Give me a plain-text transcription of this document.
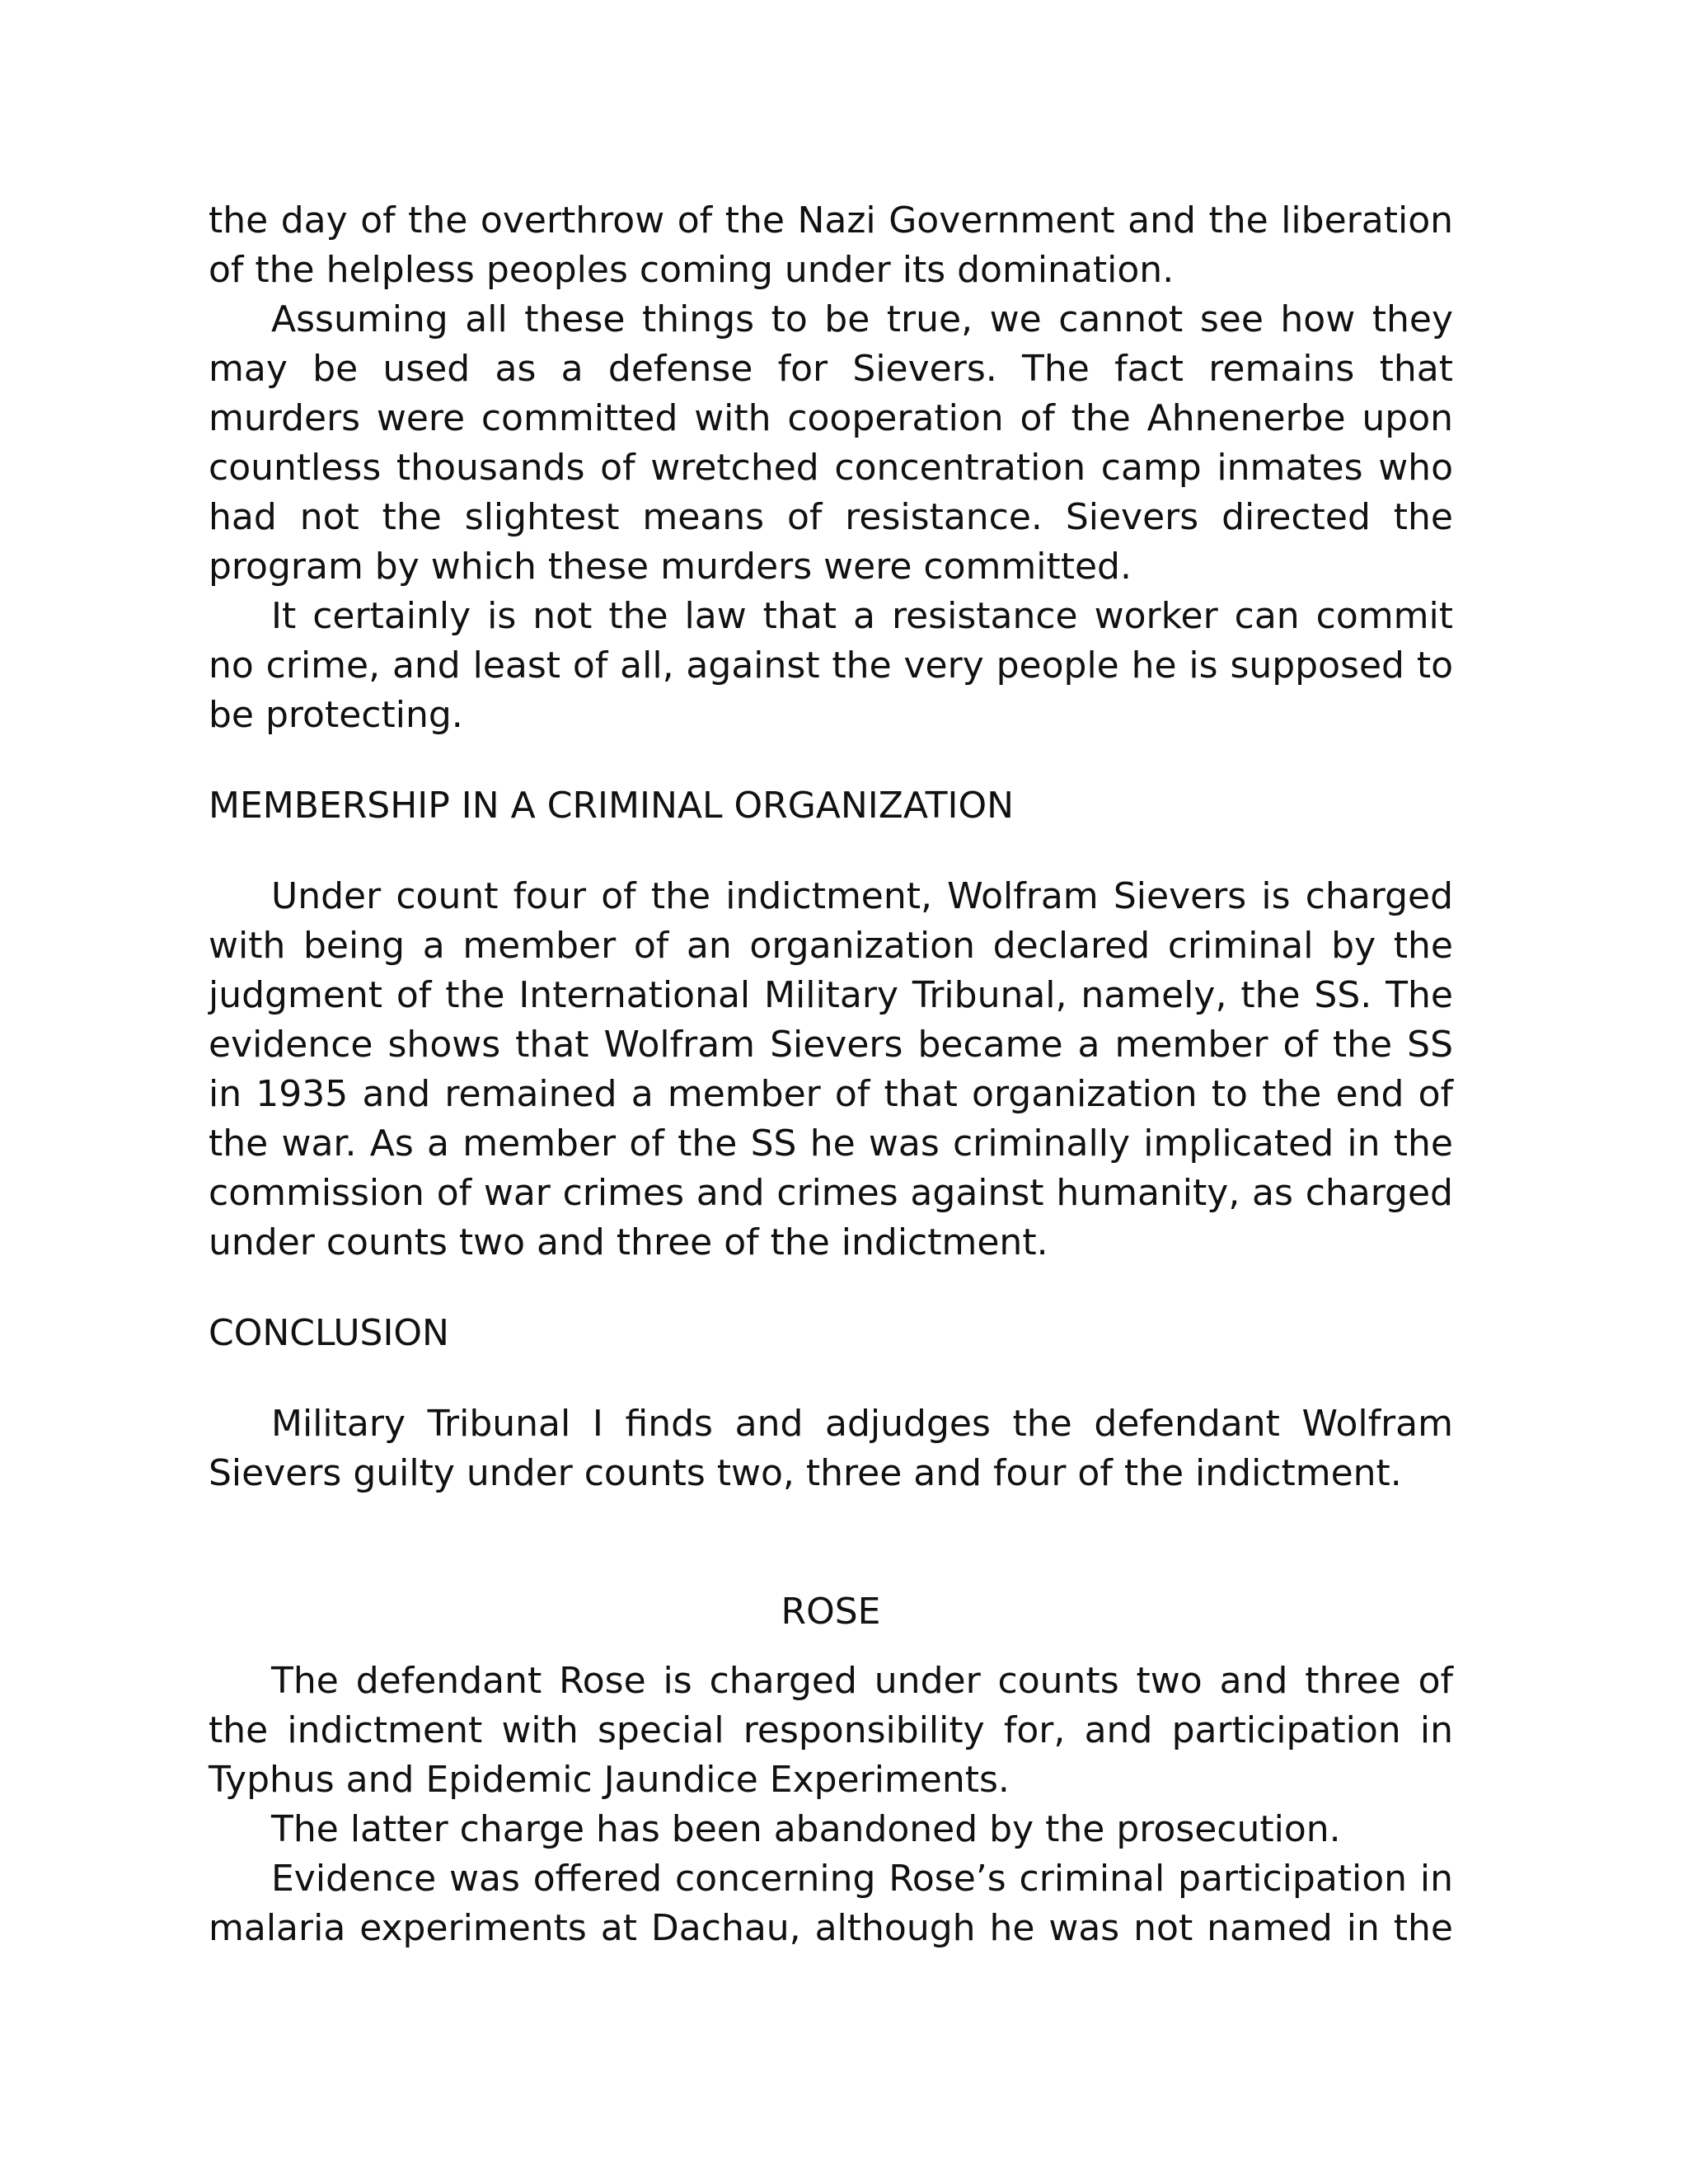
the day of the overthrow of the Nazi Government and the liberation of the helpless peoples coming under its domination.

Assuming all these things to be true, we cannot see how they may be used as a defense for Sievers. The fact remains that murders were committed with cooperation of the Ahnenerbe upon countless thousands of wretched concentration camp inmates who had not the slightest means of resistance. Sievers directed the program by which these murders were committed.

It certainly is not the law that a resistance worker can commit no crime, and least of all, against the very people he is supposed to be protecting.

MEMBERSHIP IN A CRIMINAL ORGANIZATION

Under count four of the indictment, Wolfram Sievers is charged with being a member of an organization declared criminal by the judgment of the International Military Tribunal, namely, the SS. The evidence shows that Wolfram Sievers became a member of the SS in 1935 and remained a member of that organization to the end of the war. As a member of the SS he was criminally implicated in the commission of war crimes and crimes against humanity, as charged under counts two and three of the indictment.

CONCLUSION

Military Tribunal I finds and adjudges the defendant Wolfram Sievers guilty under counts two, three and four of the indictment.

ROSE

The defendant Rose is charged under counts two and three of the indictment with special responsibility for, and participation in Typhus and Epidemic Jaundice Experiments.

The latter charge has been abandoned by the prosecution.

Evidence was offered concerning Rose’s criminal participation in malaria experiments at Dachau, although he was not named in the
